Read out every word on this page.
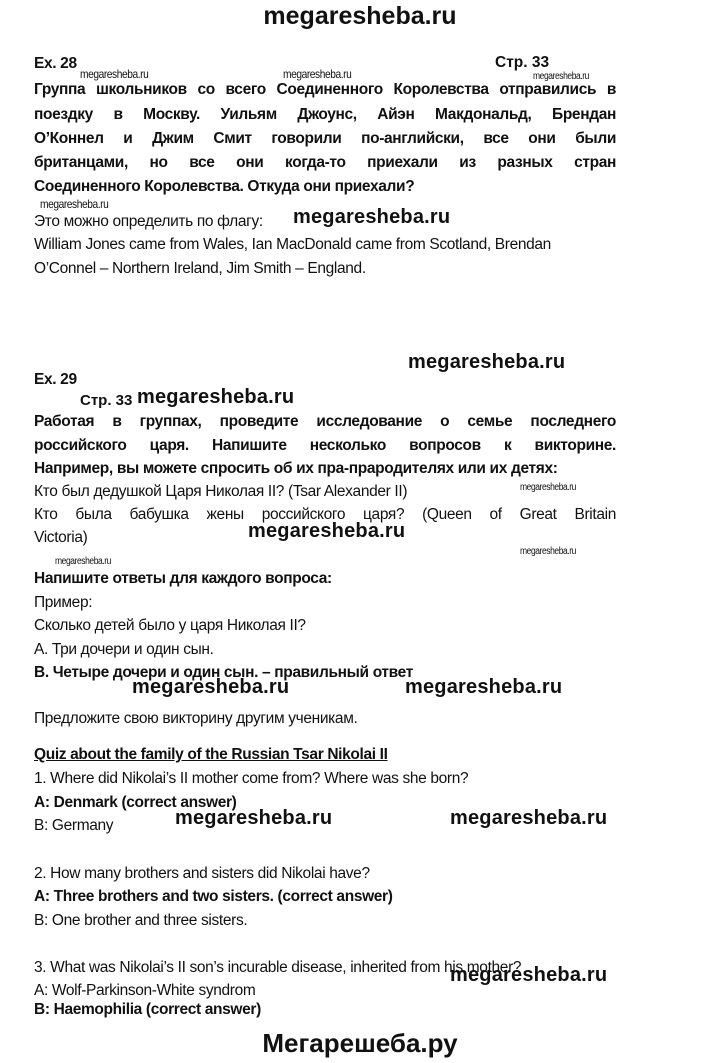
megaresheba.ru
Ex. 28	Стр. 33
megaresheba.ru	megaresheba.ru	megaresheba.ru
Группа школьников со всего Соединенного Королевства отправились в
поездку в Москву. Уильям Джоунс, Айэн Макдональд, Брендан
О’Коннел и Джим Смит говорили по-английски, все они были
британцами, но все они когда-то приехали из разных стран
Соединенного Королевства. Откуда они приехали?
megaresheba.ru
Это можно определить по флагу: megaresheba.ru
William Jones came from Wales, Ian MacDonald came from Scotland, Brendan
O’Connel – Northern Ireland, Jim Smith – England.
megaresheba.ru
Ex. 29
Стр. 33 megaresheba.ru
Работая в группах, проведите исследование о семье последнего
российского царя. Напишите несколько вопросов к викторине.
Например, вы можете спросить об их пра-прародителях или их детях:
Кто был дедушкой Царя Николая II? (Tsar Alexander II)	megaresheba.ru
Кто была бабушка жены российского царя? (Queen of Great Britain
Victoria)	megaresheba.ru
megaresheba.ru
megaresheba.ru
Напишите ответы для каждого вопроса:
Пример:
Сколько детей было у царя Николая II?
А. Три дочери и один сын.
В. Четыре дочери и один сын. – правильный ответ
megaresheba.ru	megaresheba.ru
Предложите свою викторину другим ученикам.
Quiz about the family of the Russian Tsar Nikolai II
1. Where did Nikolai’s II mother come from? Where was she born?
A: Denmark (correct answer)
B: Germany	megaresheba.ru	megaresheba.ru
2. How many brothers and sisters did Nikolai have?
A: Three brothers and two sisters. (correct answer)
B: One brother and three sisters.
3. What was Nikolai’s II son’s incurable disease, inherited from his mother?
A: Wolf-Parkinson-White syndrom
megaresheba.ru
B: Haemophilia (correct answer)
Мегарешеба.ру
